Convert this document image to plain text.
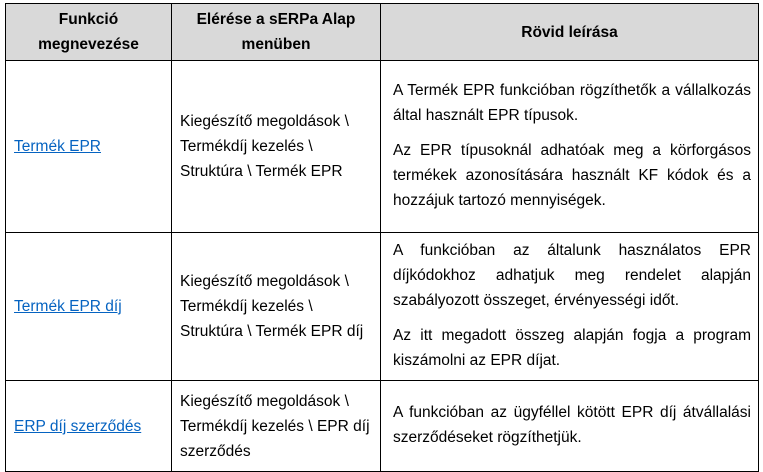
Funkció megnevezése	Elérése a sERPa Alap menüben	Rövid leírása
Termék EPR	Kiegészítő megoldások \ Termékdíj kezelés \ Struktúra \ Termék EPR	A Termék EPR funkcióban rögzíthetők a vállalkozás által használt EPR típusok.

Az EPR típusoknál adhatóak meg a körforgásos termékek azonosítására használt KF kódok és a hozzájuk tartozó mennyiségek.

Termék EPR díj	Kiegészítő megoldások \ Termékdíj kezelés \ Struktúra \ Termék EPR díj	A funkcióban az általunk használatos EPR díjkódokhoz adhatjuk meg rendelet alapján szabályozott összeget, érvényességi időt.

Az itt megadott összeg alapján fogja a program kiszámolni az EPR díjat.

ERP díj szerződés	Kiegészítő megoldások \ Termékdíj kezelés \ EPR díj szerződés	A funkcióban az ügyféllel kötött EPR díj átvállalási szerződéseket rögzíthetjük.
